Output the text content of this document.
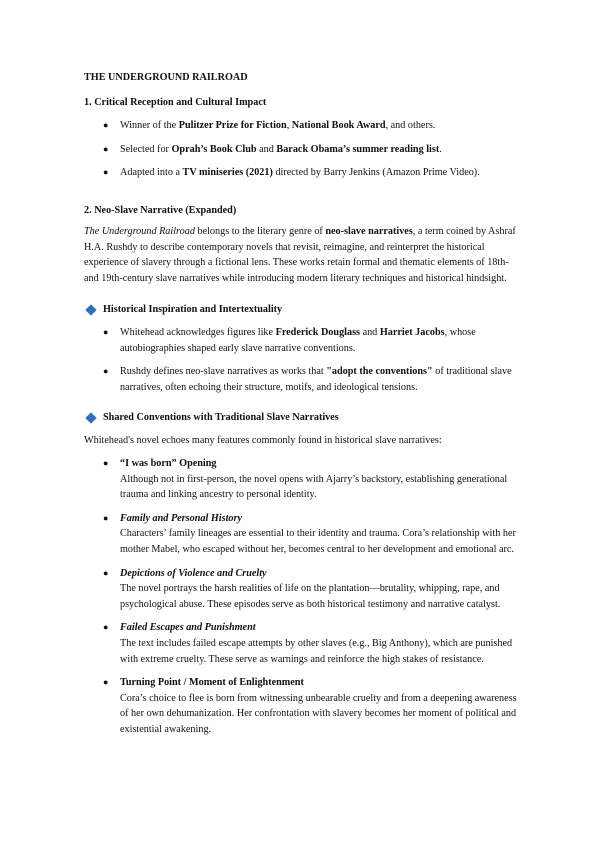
THE UNDERGROUND RAILROAD
1. Critical Reception and Cultural Impact
● Winner of the Pulitzer Prize for Fiction, National Book Award, and others.
● Selected for Oprah’s Book Club and Barack Obama’s summer reading list.
● Adapted into a TV miniseries (2021) directed by Barry Jenkins (Amazon Prime Video).
2. Neo-Slave Narrative (Expanded)
The Underground Railroad belongs to the literary genre of neo-slave narratives, a term coined by Ashraf H.A. Rushdy to describe contemporary novels that revisit, reimagine, and reinterpret the historical experience of slavery through a fictional lens. These works retain formal and thematic elements of 18th- and 19th-century slave narratives while introducing modern literary techniques and historical hindsight.
Historical Inspiration and Intertextuality
● Whitehead acknowledges figures like Frederick Douglass and Harriet Jacobs, whose autobiographies shaped early slave narrative conventions.
● Rushdy defines neo-slave narratives as works that "adopt the conventions" of traditional slave narratives, often echoing their structure, motifs, and ideological tensions.
Shared Conventions with Traditional Slave Narratives
Whitehead's novel echoes many features commonly found in historical slave narratives:
● “I was born” Opening
Although not in first-person, the novel opens with Ajarry’s backstory, establishing generational trauma and linking ancestry to personal identity.
● Family and Personal History
Characters’ family lineages are essential to their identity and trauma. Cora’s relationship with her mother Mabel, who escaped without her, becomes central to her development and emotional arc.
● Depictions of Violence and Cruelty
The novel portrays the harsh realities of life on the plantation—brutality, whipping, rape, and psychological abuse. These episodes serve as both historical testimony and narrative catalyst.
● Failed Escapes and Punishment
The text includes failed escape attempts by other slaves (e.g., Big Anthony), which are punished with extreme cruelty. These serve as warnings and reinforce the high stakes of resistance.
● Turning Point / Moment of Enlightenment
Cora’s choice to flee is born from witnessing unbearable cruelty and from a deepening awareness of her own dehumanization. Her confrontation with slavery becomes her moment of political and existential awakening.
